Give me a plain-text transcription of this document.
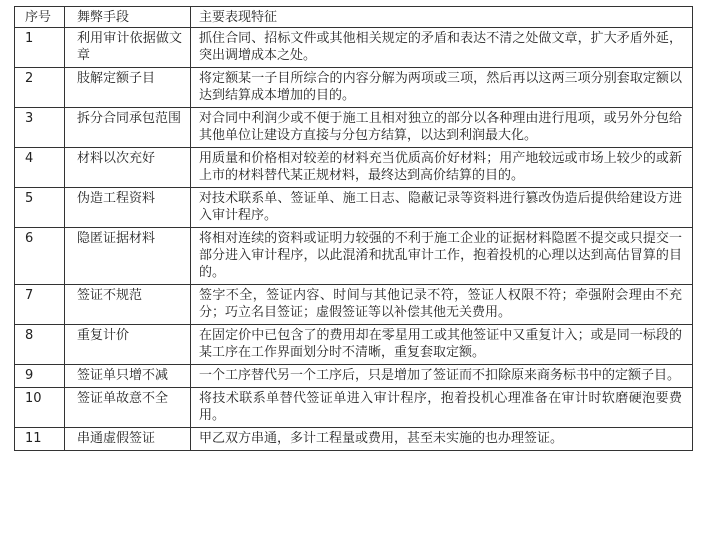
序号	舞弊手段	主要表现特征
1	利用审计依据做文章	抓住合同、招标文件或其他相关规定的矛盾和表达不清之处做文章，扩大矛盾外延，突出调增成本之处。
2	肢解定额子目	将定额某一子目所综合的内容分解为两项或三项，然后再以这两三项分别套取定额以达到结算成本增加的目的。
3	拆分合同承包范围	对合同中利润少或不便于施工且相对独立的部分以各种理由进行甩项，或另外分包给其他单位让建设方直接与分包方结算，以达到利润最大化。
4	材料以次充好	用质量和价格相对较差的材料充当优质高价好材料；用产地较远或市场上较少的或新上市的材料替代某正规材料，最终达到高价结算的目的。
5	伪造工程资料	对技术联系单、签证单、施工日志、隐蔽记录等资料进行篡改伪造后提供给建设方进入审计程序。
6	隐匿证据材料	将相对连续的资料或证明力较强的不利于施工企业的证据材料隐匿不提交或只提交一部分进入审计程序，以此混淆和扰乱审计工作，抱着投机的心理以达到高估冒算的目的。
7	签证不规范	签字不全，签证内容、时间与其他记录不符，签证人权限不符；牵强附会理由不充分；巧立名目签证；虚假签证等以补偿其他无关费用。
8	重复计价	在固定价中已包含了的费用却在零星用工或其他签证中又重复计入；或是同一标段的某工序在工作界面划分时不清晰，重复套取定额。
9	签证单只增不减	一个工序替代另一个工序后，只是增加了签证而不扣除原来商务标书中的定额子目。
10	签证单故意不全	将技术联系单替代签证单进入审计程序，抱着投机心理准备在审计时软磨硬泡要费用。
11	串通虚假签证	甲乙双方串通，多计工程量或费用，甚至未实施的也办理签证。
